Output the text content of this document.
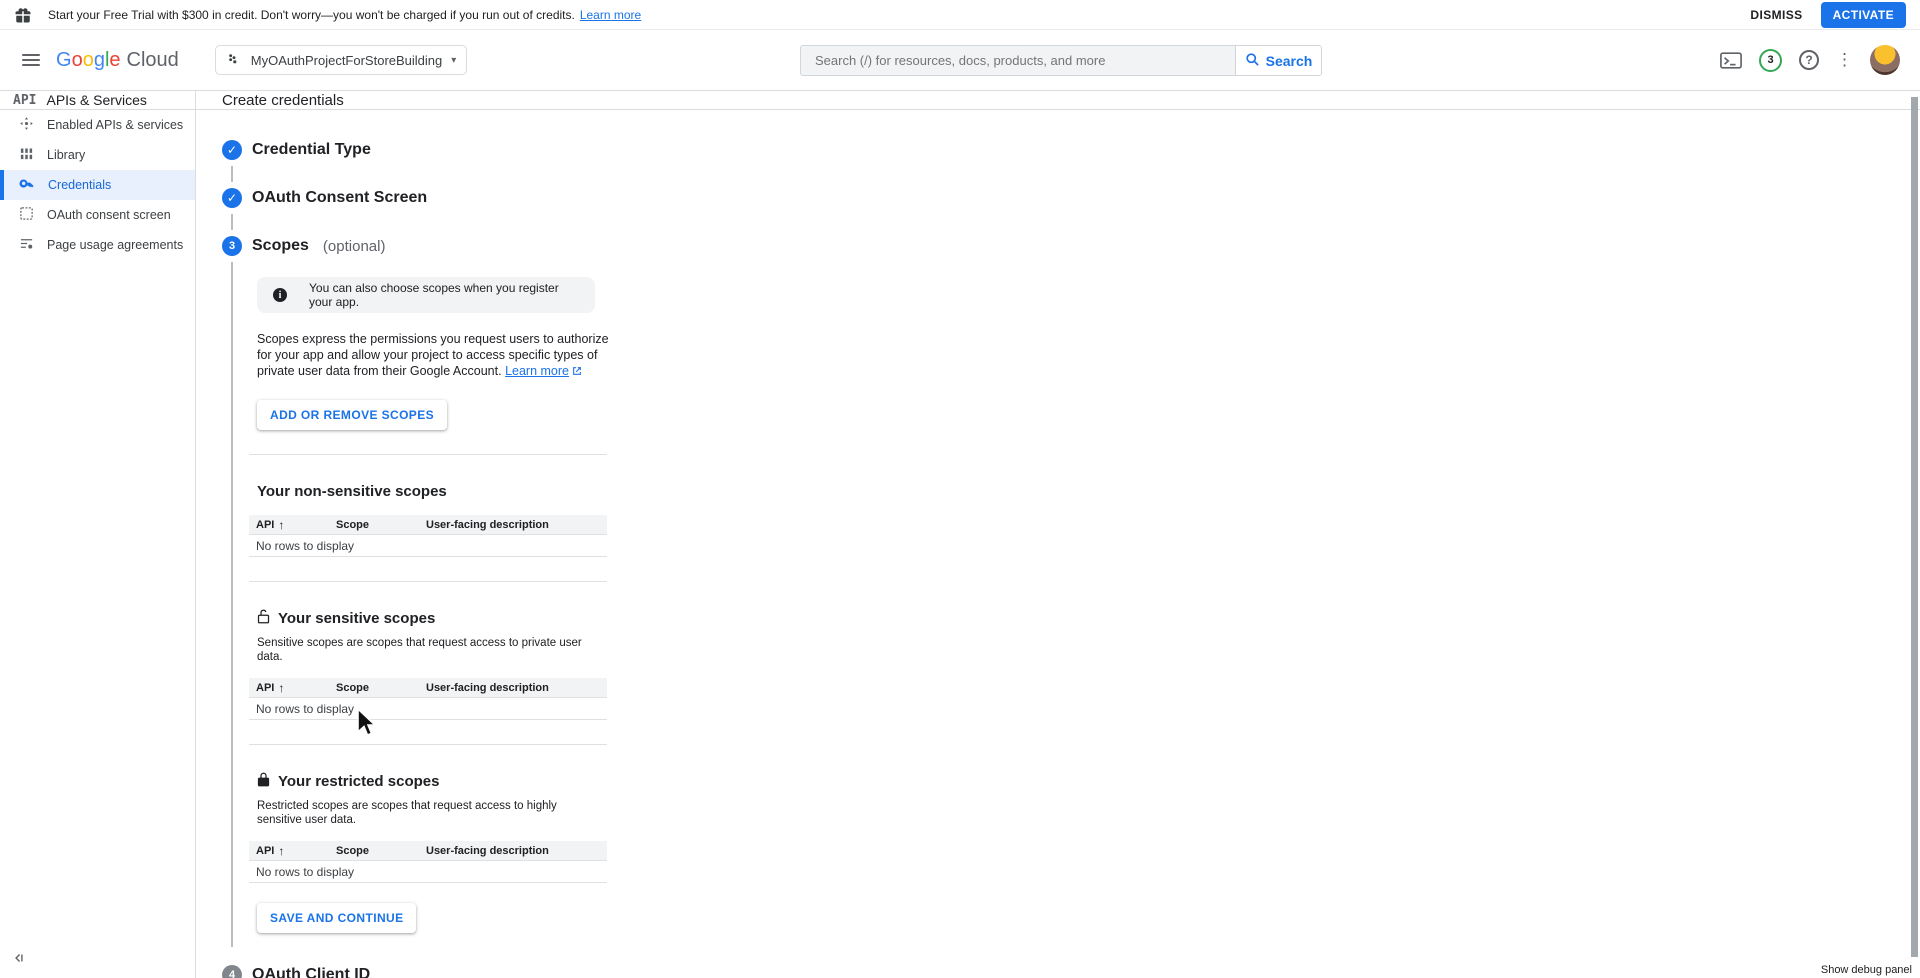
Start your Free Trial with $300 in credit. Don't worry—you won't be charged if you run out of credits. Learn more	DISMISS	ACTIVATE
G o o g l e Cloud	MyOAuthProjectForStoreBuilding ▾
Search (/) for resources, docs, products, and more	Search	3	?	⋮
API APIs & Services
Enabled APIs & services
Library
Credentials
OAuth consent screen
Page usage agreements
Create credentials
✓ Credential Type
✓ OAuth Consent Screen
3	Scopes (optional)
i	You can also choose scopes when you register your app.

Scopes express the permissions you request users to authorize for your app and allow your project to access specific types of private user data from their Google Account. Learn more

ADD OR REMOVE SCOPES
Your non-sensitive scopes
API ↑	Scope	User-facing description
No rows to display
Your sensitive scopes
Sensitive scopes are scopes that request access to private user data.
API ↑	Scope	User-facing description
No rows to display
Your restricted scopes
Restricted scopes are scopes that request access to highly sensitive user data.
API ↑	Scope	User-facing description
No rows to display
SAVE AND CONTINUE
4	OAuth Client ID	Show debug panel
